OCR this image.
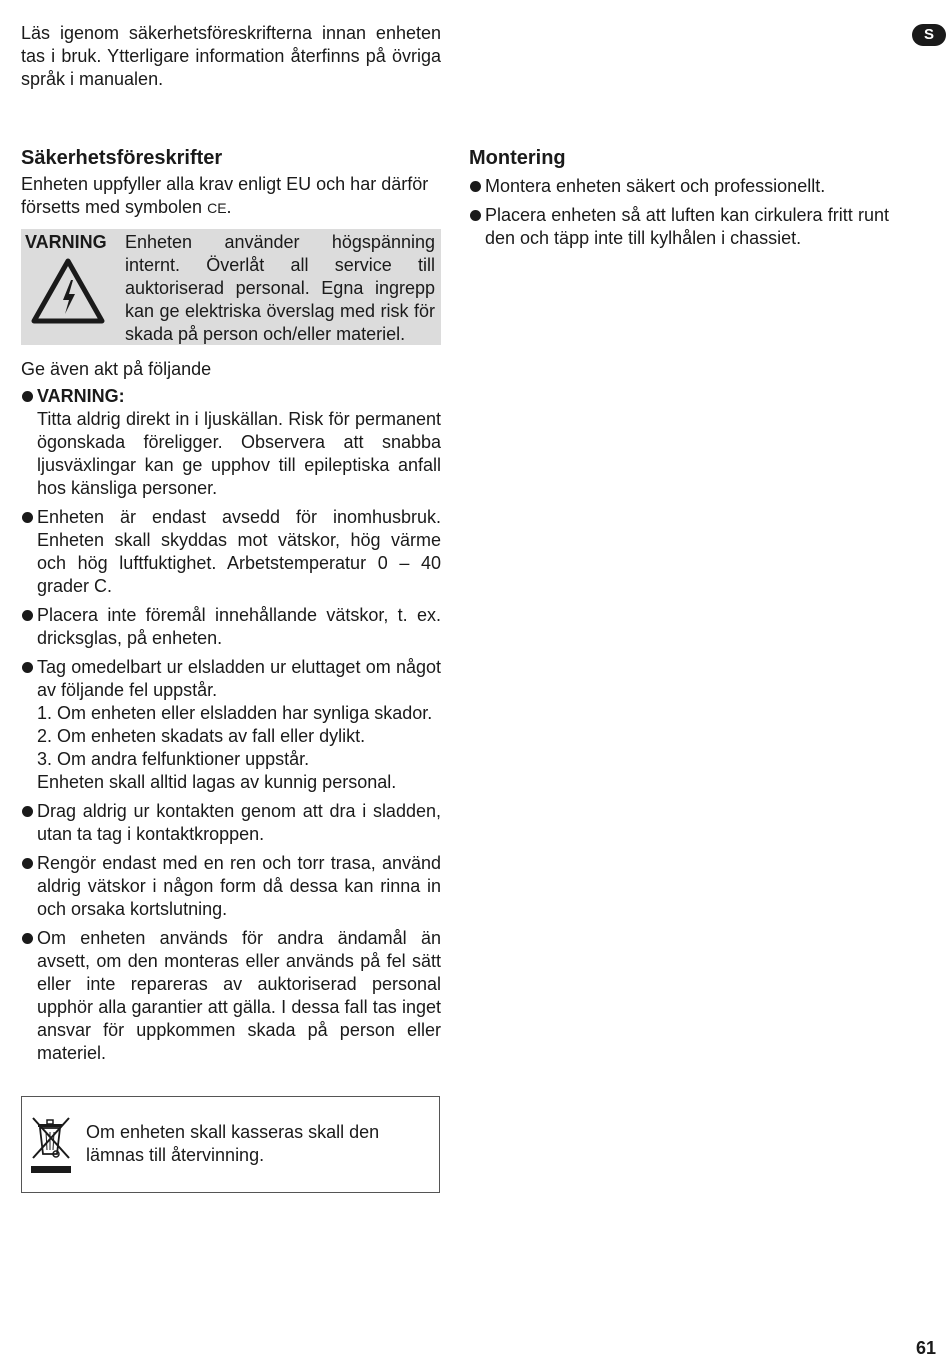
Läs igenom säkerhetsföreskrifterna innan enheten tas i bruk. Ytterligare information återfinns på övriga språk i manualen.
S
Säkerhetsföreskrifter

Enheten uppfyller alla krav enligt EU och har därför försetts med symbolen CE.

VARNING	Enheten använder högspänning internt. Överlåt all service till auktoriserad personal. Egna ingrepp kan ge elektriska överslag med risk för skada på person och/eller materiel.

Ge även akt på följande

VARNING:
Titta aldrig direkt in i ljuskällan. Risk för permanent ögonskada föreligger. Observera att snabba ljusväxlingar kan ge upphov till epileptiska anfall hos känsliga personer.
Enheten är endast avsedd för inomhusbruk. Enheten skall skyddas mot vätskor, hög värme och hög luftfuktighet. Arbetstemperatur 0 – 40 grader C.
Placera inte föremål innehållande vätskor, t. ex. dricksglas, på enheten.
Tag omedelbart ur elsladden ur eluttaget om något av följande fel uppstår.
1. Om enheten eller elsladden har synliga skador.
2. Om enheten skadats av fall eller dylikt.
3. Om andra felfunktioner uppstår.
Enheten skall alltid lagas av kunnig personal.
Drag aldrig ur kontakten genom att dra i sladden, utan ta tag i kontaktkroppen.
Rengör endast med en ren och torr trasa, använd aldrig vätskor i någon form då dessa kan rinna in och orsaka kortslutning.
Om enheten används för andra ändamål än avsett, om den monteras eller används på fel sätt eller inte repareras av auktoriserad personal upphör alla garantier att gälla. I dessa fall tas inget ansvar för uppkommen skada på person eller materiel.
Om enheten skall kasseras skall den lämnas till återvinning.
Montering
Montera enheten säkert och professionellt.
Placera enheten så att luften kan cirkulera fritt runt den och täpp inte till kylhålen i chassiet.
61
